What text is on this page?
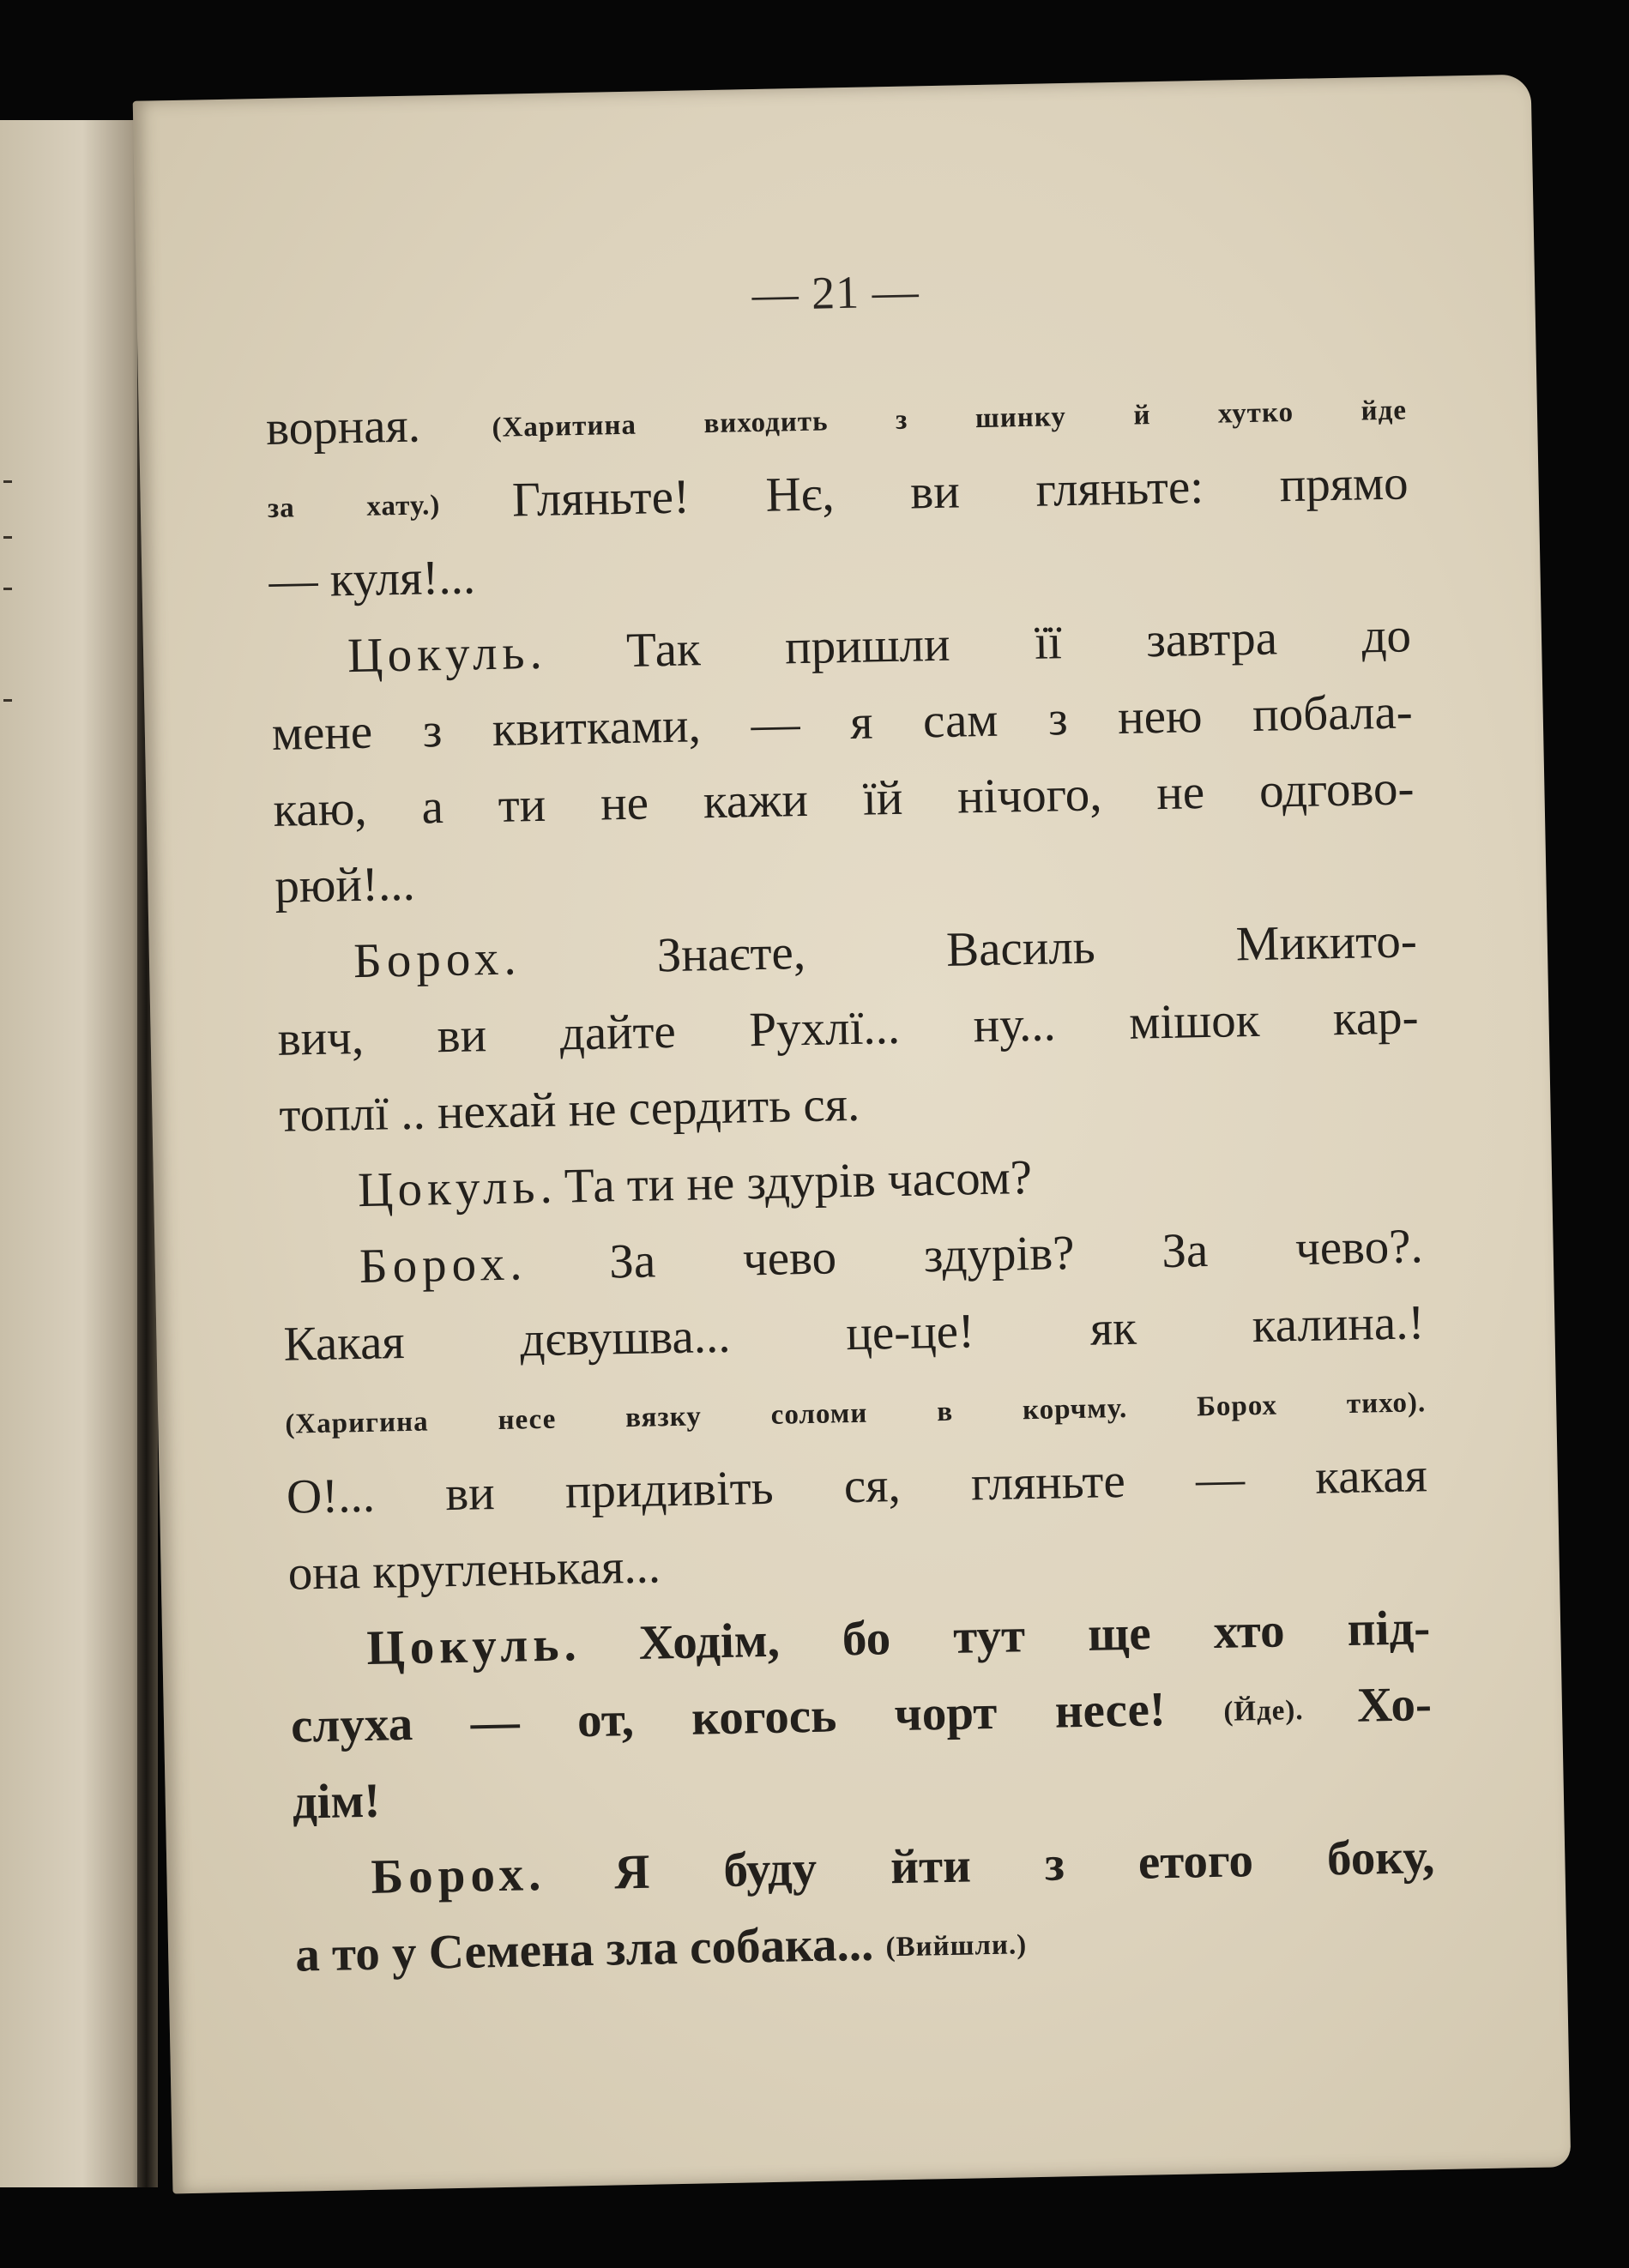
— 21 —
ворная. (Харитина виходить з шинку й хутко йде
за хату.) Гляньте! Нє, ви гляньте: прямо
— куля!...
Цокуль. Так пришли її завтра до
мене з квитками, — я сам з нею побала-
каю, а ти не кажи їй нічого, не одгово-
рюй!...
Борох. Знаєте, Василь Микито-
вич, ви дайте Рухлї... ну... мішок кар-
топлї .. нехай не сердить ся.
Цокуль. Та ти не здурів часом?
Борох. За чево здурів? За чево?.
Какая дєвушва... це-це! як калина.!
(Харигина несе вязку соломи в корчму. Борох тихо).
О!... ви придивіть ся, гляньте — какая
она кругленькая...
Цокуль. Ходім, бо тут ще хто під-
слуха — от, когось чорт несе! (Йде). Хо-
дім!
Борох. Я буду йти з етого боку,
а то у Семена зла собака... (Вийшли.)
